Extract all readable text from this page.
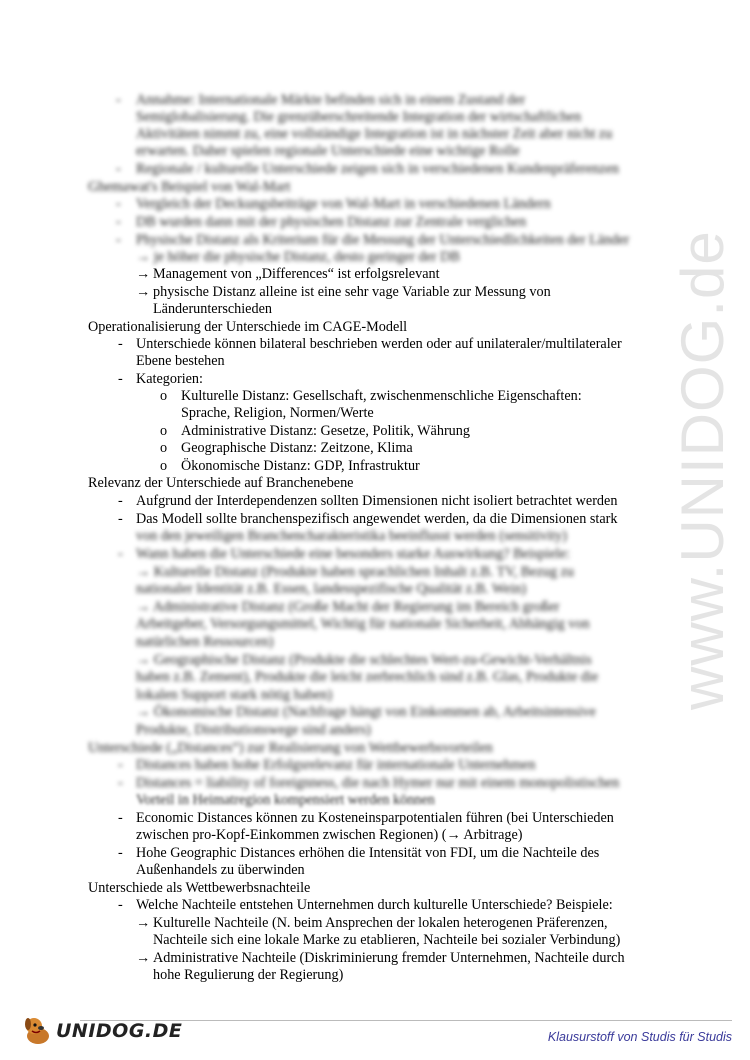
www.UNIDOG.de
- Annahme: Internationale Märkte befinden sich in einem Zustand der
Semiglobalisierung. Die grenzüberschreitende Integration der wirtschaftlichen
Aktivitäten nimmt zu, eine vollständige Integration ist in nächster Zeit aber nicht zu
erwarten. Daher spielen regionale Unterschiede eine wichtige Rolle
- Regionale / kulturelle Unterschiede zeigen sich in verschiedenen Kundenpräferenzen
Ghemawat's Beispiel von Wal-Mart
- Vergleich der Deckungsbeiträge von Wal-Mart in verschiedenen Ländern
- DB wurden dann mit der physischen Distanz zur Zentrale verglichen
- Physische Distanz als Kriterium für die Messung der Unterschiedlichkeiten der Länder
→ je höher die physische Distanz, desto geringer der DB
→ Management von „Differences“ ist erfolgsrelevant
→ physische Distanz alleine ist eine sehr vage Variable zur Messung von
Länderunterschieden
Operationalisierung der Unterschiede im CAGE-Modell
- Unterschiede können bilateral beschrieben werden oder auf unilateraler/multilateraler
Ebene bestehen
- Kategorien:
o Kulturelle Distanz: Gesellschaft, zwischenmenschliche Eigenschaften:
Sprache, Religion, Normen/Werte
o Administrative Distanz: Gesetze, Politik, Währung
o Geographische Distanz: Zeitzone, Klima
o Ökonomische Distanz: GDP, Infrastruktur
Relevanz der Unterschiede auf Branchenebene
- Aufgrund der Interdependenzen sollten Dimensionen nicht isoliert betrachtet werden
- Das Modell sollte branchenspezifisch angewendet werden, da die Dimensionen stark
von den jeweiligen Branchencharakteristika beeinflusst werden (sensitivity)
- Wann haben die Unterschiede eine besonders starke Auswirkung? Beispiele:
→ Kulturelle Distanz (Produkte haben sprachlichen Inhalt z.B. TV, Bezug zu
nationaler Identität z.B. Essen, landesspezifische Qualität z.B. Wein)
→ Administrative Distanz (Große Macht der Regierung im Bereich großer
Arbeitgeber, Versorgungsmittel, Wichtig für nationale Sicherheit, Abhängig von
natürlichen Ressourcen)
→ Geographische Distanz (Produkte die schlechtes Wert-zu-Gewicht-Verhältnis
haben z.B. Zement), Produkte die leicht zerbrechlich sind z.B. Glas, Produkte die
lokalen Support stark nötig haben)
→ Ökonomische Distanz (Nachfrage hängt von Einkommen ab, Arbeitsintensive
Produkte, Distributionswege sind anders)
Unterschiede („Distances“) zur Realisierung von Wettbewerbsvorteilen
- Distances haben hohe Erfolgsrelevanz für internationale Unternehmen
- Distances = liability of foreignness, die nach Hymer nur mit einem monopolistischen
Vorteil in Heimatregion kompensiert werden können
- Economic Distances können zu Kosteneinsparpotentialen führen (bei Unterschieden
zwischen pro-Kopf-Einkommen zwischen Regionen) (→ Arbitrage)
- Hohe Geographic Distances erhöhen die Intensität von FDI, um die Nachteile des
Außenhandels zu überwinden
Unterschiede als Wettbewerbsnachteile
- Welche Nachteile entstehen Unternehmen durch kulturelle Unterschiede? Beispiele:
→ Kulturelle Nachteile (N. beim Ansprechen der lokalen heterogenen Präferenzen,
Nachteile sich eine lokale Marke zu etablieren, Nachteile bei sozialer Verbindung)
→ Administrative Nachteile (Diskriminierung fremder Unternehmen, Nachteile durch
hohe Regulierung der Regierung)
UNIDOG.DE	Klausurstoff von Studis für Studis
